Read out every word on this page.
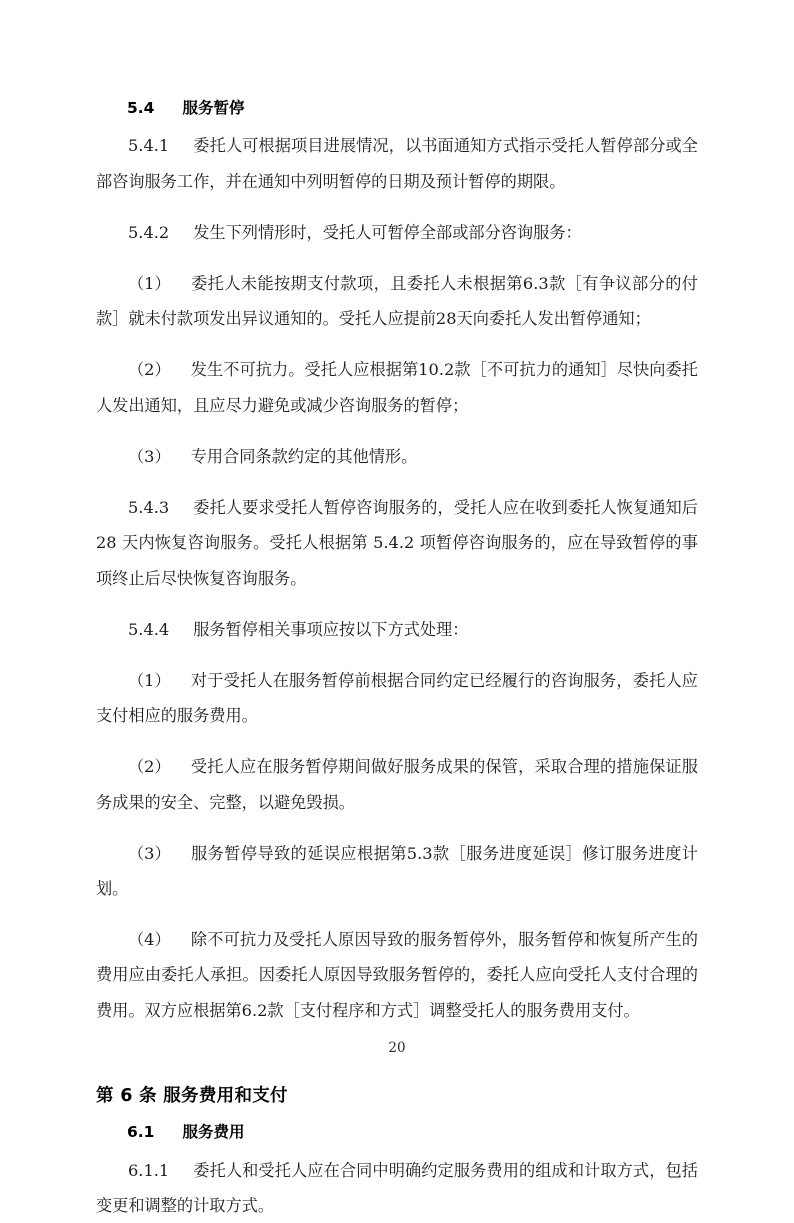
5.4 服务暂停

5.4.1 委托人可根据项目进展情况，以书面通知方式指示受托人暂停部分或全部咨询服务工作，并在通知中列明暂停的日期及预计暂停的期限。

5.4.2 发生下列情形时，受托人可暂停全部或部分咨询服务：

（1） 委托人未能按期支付款项，且委托人未根据第6.3款［有争议部分的付款］就未付款项发出异议通知的。受托人应提前28天向委托人发出暂停通知；

（2） 发生不可抗力。受托人应根据第10.2款［不可抗力的通知］尽快向委托人发出通知，且应尽力避免或减少咨询服务的暂停；

（3） 专用合同条款约定的其他情形。

5.4.3 委托人要求受托人暂停咨询服务的，受托人应在收到委托人恢复通知后 28 天内恢复咨询服务。受托人根据第 5.4.2 项暂停咨询服务的，应在导致暂停的事项终止后尽快恢复咨询服务。

5.4.4 服务暂停相关事项应按以下方式处理：

（1） 对于受托人在服务暂停前根据合同约定已经履行的咨询服务，委托人应支付相应的服务费用。

（2） 受托人应在服务暂停期间做好服务成果的保管，采取合理的措施保证服务成果的安全、完整，以避免毁损。

（3） 服务暂停导致的延误应根据第5.3款［服务进度延误］修订服务进度计划。

（4） 除不可抗力及受托人原因导致的服务暂停外，服务暂停和恢复所产生的费用应由委托人承担。因委托人原因导致服务暂停的，委托人应向受托人支付合理的费用。双方应根据第6.2款［支付程序和方式］调整受托人的服务费用支付。

第 6 条 服务费用和支付
6.1 服务费用

6.1.1 委托人和受托人应在合同中明确约定服务费用的组成和计取方式，包括变更和调整的计取方式。

20
